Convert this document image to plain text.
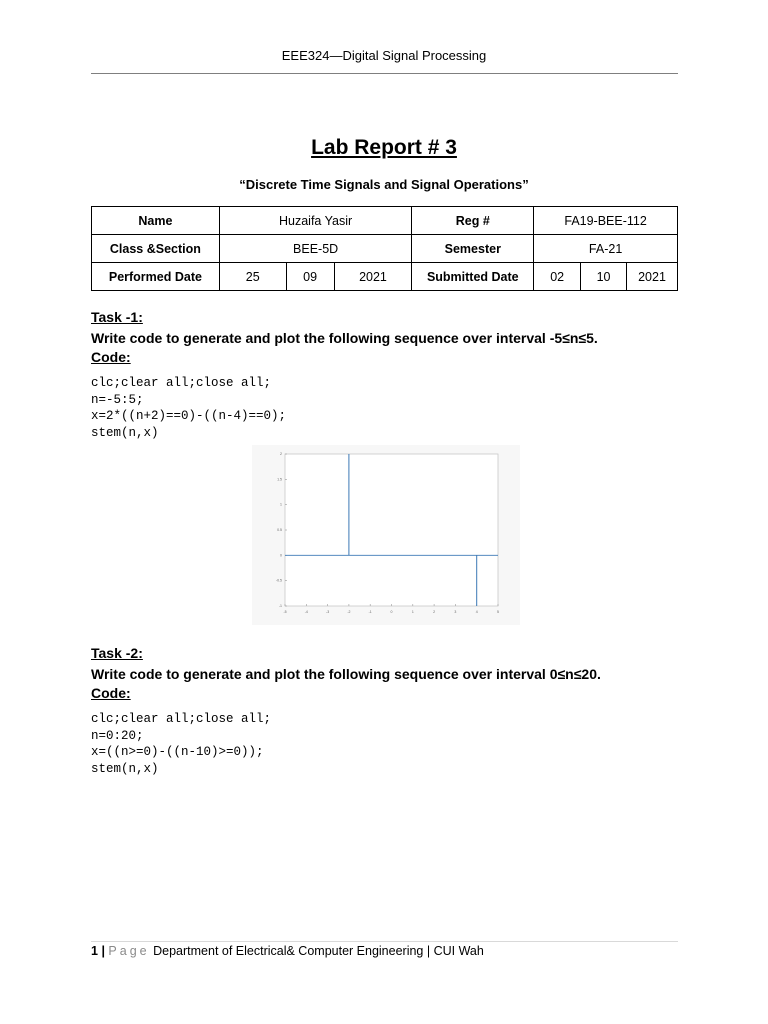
EEE324—Digital Signal Processing
Lab Report # 3
“Discrete Time Signals and Signal Operations”
Name	Huzaifa Yasir			Reg #	FA19-BEE-112		
Class &Section	BEE-5D			Semester	FA-21		
Performed Date	25	09	2021	Submitted Date	02	10	2021
Task -1:
Write code to generate and plot the following sequence over interval -5≤n≤5.
Code:
clc;clear all;close all;
n=-5:5;
x=2*((n+2)==0)-((n-4)==0);
stem(n,x)
-5	-4	-3	-2	-1	0	1	2	3	4	5
-1
-0.5
0
0.5
1
1.5
2
Task -2:
Write code to generate and plot the following sequence over interval 0≤n≤20.
Code:
clc;clear all;close all;
n=0:20;
x=((n>=0)-((n-10)>=0));
stem(n,x)
1 | Page Department of Electrical& Computer Engineering | CUI Wah
